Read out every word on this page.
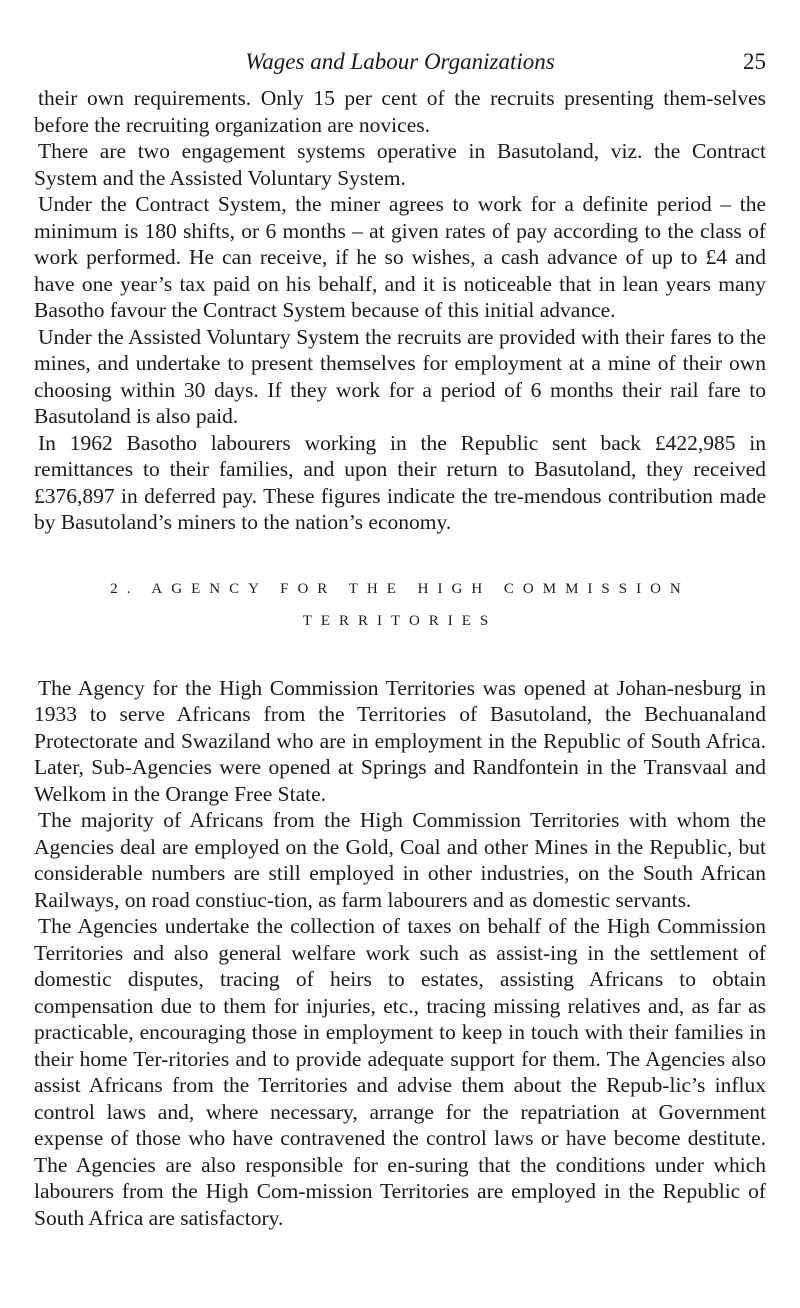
Wages and Labour Organizations	25

their own requirements. Only 15 per cent of the recruits presenting them-selves before the recruiting organization are novices.

There are two engagement systems operative in Basutoland, viz. the Contract System and the Assisted Voluntary System.

Under the Contract System, the miner agrees to work for a definite period – the minimum is 180 shifts, or 6 months – at given rates of pay according to the class of work performed. He can receive, if he so wishes, a cash advance of up to £4 and have one year’s tax paid on his behalf, and it is noticeable that in lean years many Basotho favour the Contract System because of this initial advance.

Under the Assisted Voluntary System the recruits are provided with their fares to the mines, and undertake to present themselves for employment at a mine of their own choosing within 30 days. If they work for a period of 6 months their rail fare to Basutoland is also paid.

In 1962 Basotho labourers working in the Republic sent back £422,985 in remittances to their families, and upon their return to Basutoland, they received £376,897 in deferred pay. These figures indicate the tre-mendous contribution made by Basutoland’s miners to the nation’s economy.

2. AGENCY FOR THE HIGH COMMISSION
TERRITORIES

The Agency for the High Commission Territories was opened at Johan-nesburg in 1933 to serve Africans from the Territories of Basutoland, the Bechuanaland Protectorate and Swaziland who are in employment in the Republic of South Africa. Later, Sub-Agencies were opened at Springs and Randfontein in the Transvaal and Welkom in the Orange Free State.

The majority of Africans from the High Commission Territories with whom the Agencies deal are employed on the Gold, Coal and other Mines in the Republic, but considerable numbers are still employed in other industries, on the South African Railways, on road constiuc-tion, as farm labourers and as domestic servants.

The Agencies undertake the collection of taxes on behalf of the High Commission Territories and also general welfare work such as assist-ing in the settlement of domestic disputes, tracing of heirs to estates, assisting Africans to obtain compensation due to them for injuries, etc., tracing missing relatives and, as far as practicable, encouraging those in employment to keep in touch with their families in their home Ter-ritories and to provide adequate support for them. The Agencies also assist Africans from the Territories and advise them about the Repub-lic’s influx control laws and, where necessary, arrange for the repatriation at Government expense of those who have contravened the control laws or have become destitute. The Agencies are also responsible for en-suring that the conditions under which labourers from the High Com-mission Territories are employed in the Republic of South Africa are satisfactory.
